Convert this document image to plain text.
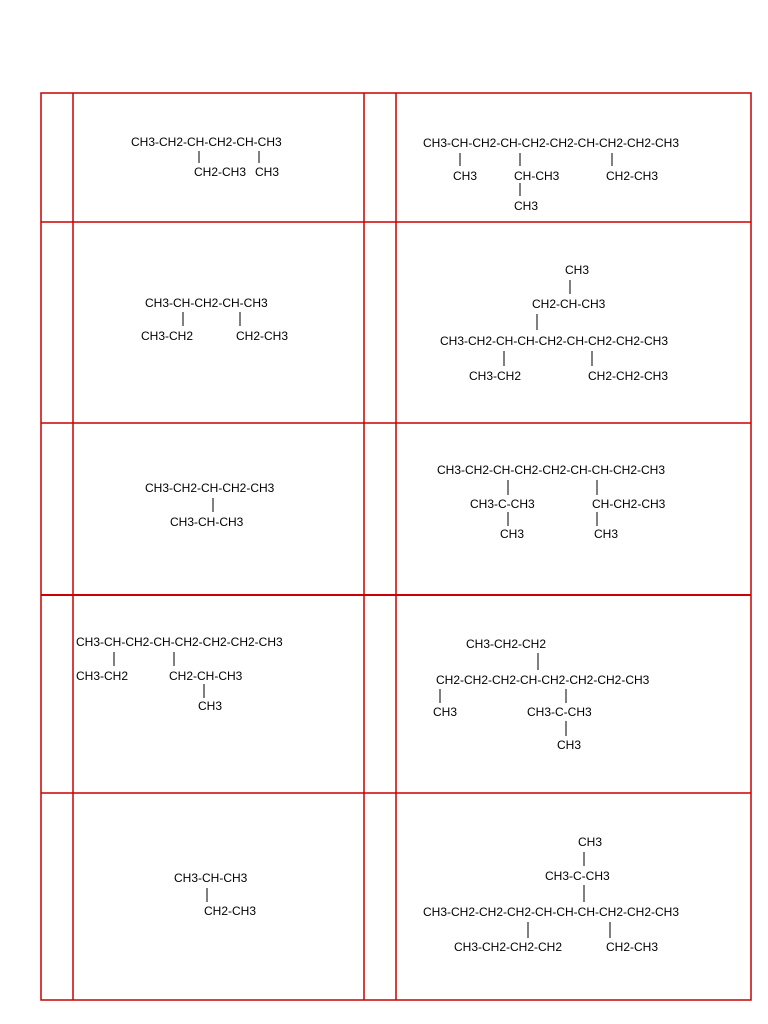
CH3-CH2-CH-CH2-CH-CH3
CH2-CH3 CH3
CH3-CH-CH2-CH-CH2-CH2-CH-CH2-CH2-CH3
CH3	CH-CH3	CH2-CH3
CH3
CH3-CH-CH2-CH-CH3
CH3-CH2	CH2-CH3
CH3
CH2-CH-CH3
CH3-CH2-CH-CH-CH2-CH-CH2-CH2-CH3
CH3-CH2	CH2-CH2-CH3
CH3-CH2-CH-CH2-CH3
CH3-CH-CH3
CH3-CH2-CH-CH2-CH2-CH-CH-CH2-CH3
CH3-C-CH3	CH-CH2-CH3
CH3	CH3
CH3-CH-CH2-CH-CH2-CH2-CH2-CH3
CH3-CH2	CH2-CH-CH3
CH3
CH3-CH2-CH2
CH2-CH2-CH2-CH-CH2-CH2-CH2-CH3
CH3	CH3-C-CH3
CH3
CH3-CH-CH3
CH2-CH3
CH3
CH3-C-CH3
CH3-CH2-CH2-CH2-CH-CH-CH-CH2-CH2-CH3
CH3-CH2-CH2-CH2	CH2-CH3
